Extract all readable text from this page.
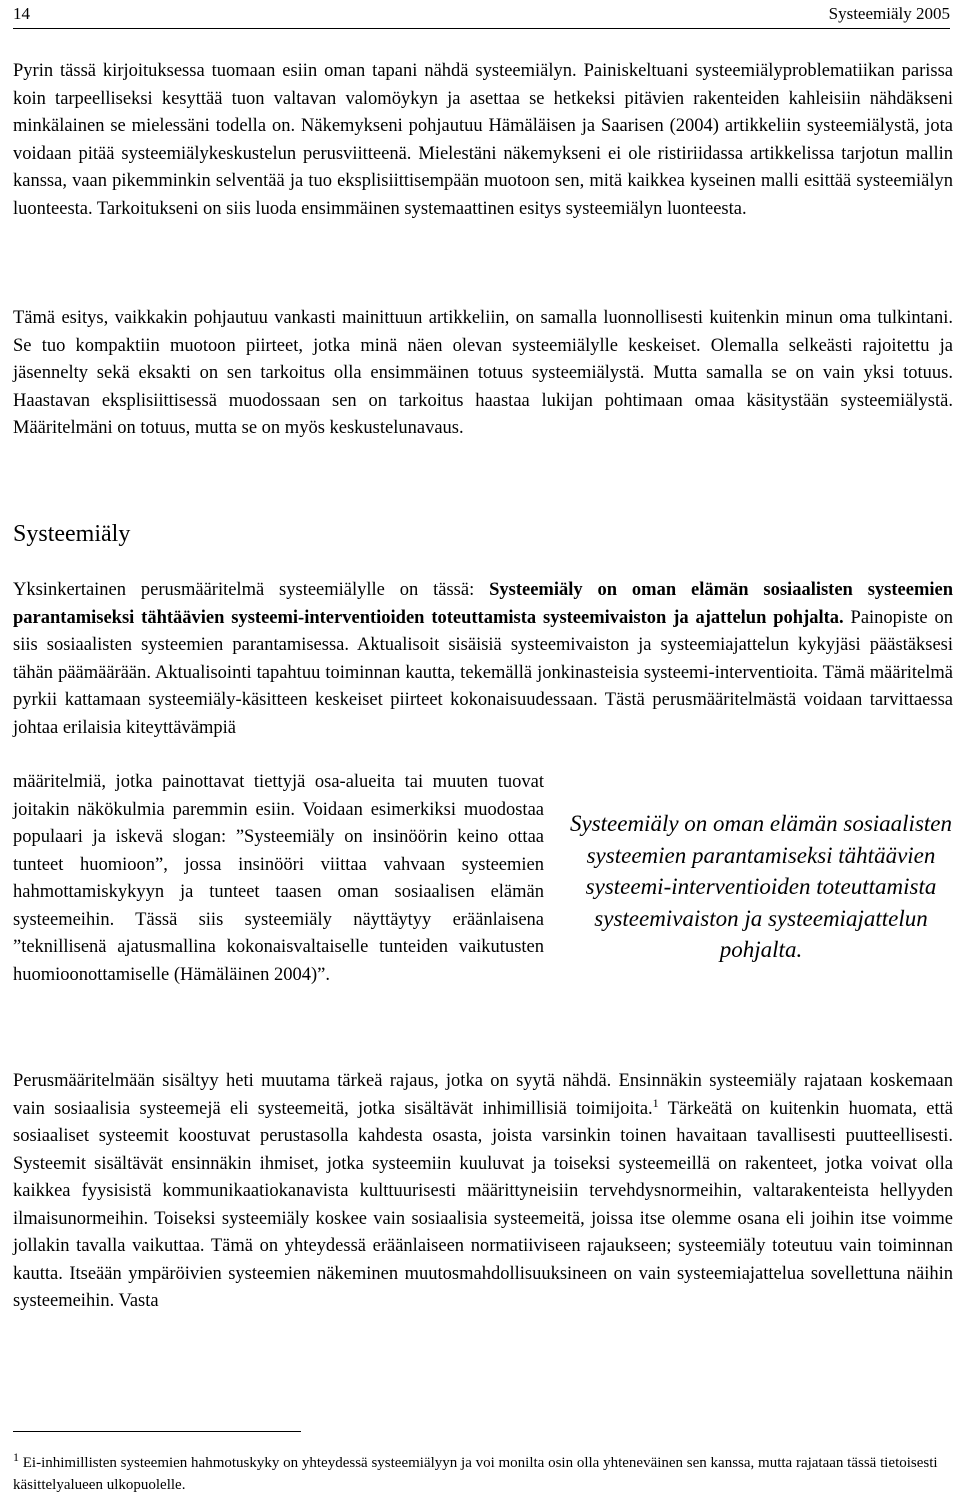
14	Systeemiäly 2005

Pyrin tässä kirjoituksessa tuomaan esiin oman tapani nähdä systeemiälyn. Painiskeltuani systeemiälyproblematiikan parissa koin tarpeelliseksi kesyttää tuon valtavan valomöykyn ja asettaa se hetkeksi pitävien rakenteiden kahleisiin nähdäkseni minkälainen se mielessäni todella on. Näkemykseni pohjautuu Hämäläisen ja Saarisen (2004) artikkeliin systeemiälystä, jota voidaan pitää systeemiälykeskustelun perusviitteenä. Mielestäni näkemykseni ei ole ristiriidassa artikkelissa tarjotun mallin kanssa, vaan pikemminkin selventää ja tuo eksplisiittisempään muotoon sen, mitä kaikkea kyseinen malli esittää systeemiälyn luonteesta. Tarkoitukseni on siis luoda ensimmäinen systemaattinen esitys systeemiälyn luonteesta.

Tämä esitys, vaikkakin pohjautuu vankasti mainittuun artikkeliin, on samalla luonnollisesti kuitenkin minun oma tulkintani. Se tuo kompaktiin muotoon piirteet, jotka minä näen olevan systeemiälylle keskeiset. Olemalla selkeästi rajoitettu ja jäsennelty sekä eksakti on sen tarkoitus olla ensimmäinen totuus systeemiälystä. Mutta samalla se on vain yksi totuus. Haastavan eksplisiittisessä muodossaan sen on tarkoitus haastaa lukijan pohtimaan omaa käsitystään systeemiälystä. Määritelmäni on totuus, mutta se on myös keskustelunavaus.

Systeemiäly

Yksinkertainen perusmääritelmä systeemiälylle on tässä: Systeemiäly on oman elämän sosiaalisten systeemien parantamiseksi tähtäävien systeemi-interventioiden toteuttamista systeemivaiston ja ajattelun pohjalta. Painopiste on siis sosiaalisten systeemien parantamisessa. Aktualisoit sisäisiä systeemivaiston ja systeemiajattelun kykyjäsi päästäksesi tähän päämäärään. Aktualisointi tapahtuu toiminnan kautta, tekemällä jonkinasteisia systeemi-interventioita. Tämä määritelmä pyrkii kattamaan systeemiäly-käsitteen keskeiset piirteet kokonaisuudessaan. Tästä perusmääritelmästä voidaan tarvittaessa johtaa erilaisia kiteyttävämpiä

määritelmiä, jotka painottavat tiettyjä osa-alueita tai muuten tuovat joitakin näkökulmia paremmin esiin. Voidaan esimerkiksi muodostaa populaari ja iskevä slogan: ”Systeemiäly on insinöörin keino ottaa tunteet huomioon”, jossa insinööri viittaa vahvaan systeemien hahmottamiskykyyn ja tunteet taasen oman sosiaalisen elämän systeemeihin. Tässä siis systeemiäly näyttäytyy eräänlaisena ”teknillisenä ajatusmallina kokonaisvaltaiselle tunteiden vaikutusten huomioonottamiselle (Hämäläinen 2004)”.

Systeemiäly on oman elämän sosiaalisten systeemien parantamiseksi tähtäävien systeemi-interventioiden toteuttamista systeemivaiston ja systeemiajattelun pohjalta.

Perusmääritelmään sisältyy heti muutama tärkeä rajaus, jotka on syytä nähdä. Ensinnäkin systeemiäly rajataan koskemaan vain sosiaalisia systeemejä eli systeemeitä, jotka sisältävät inhimillisiä toimijoita.$^1$ Tärkeätä on kuitenkin huomata, että sosiaaliset systeemit koostuvat perustasolla kahdesta osasta, joista varsinkin toinen havaitaan tavallisesti puutteellisesti. Systeemit sisältävät ensinnäkin ihmiset, jotka systeemiin kuuluvat ja toiseksi systeemeillä on rakenteet, jotka voivat olla kaikkea fyysisistä kommunikaatiokanavista kulttuurisesti määrittyneisiin tervehdysnormeihin, valtarakenteista hellyyden ilmaisunormeihin. Toiseksi systeemiäly koskee vain sosiaalisia systeemeitä, joissa itse olemme osana eli joihin itse voimme jollakin tavalla vaikuttaa. Tämä on yhteydessä eräänlaiseen normatiiviseen rajaukseen; systeemiäly toteutuu vain toiminnan kautta. Itseään ympäröivien systeemien näkeminen muutosmahdollisuuksineen on vain systeemiajattelua sovellettuna näihin systeemeihin. Vasta

$^1$ Ei-inhimillisten systeemien hahmotuskyky on yhteydessä systeemiälyyn ja voi monilta osin olla yhteneväinen sen kanssa, mutta rajataan tässä tietoisesti käsittelyalueen ulkopuolelle.
